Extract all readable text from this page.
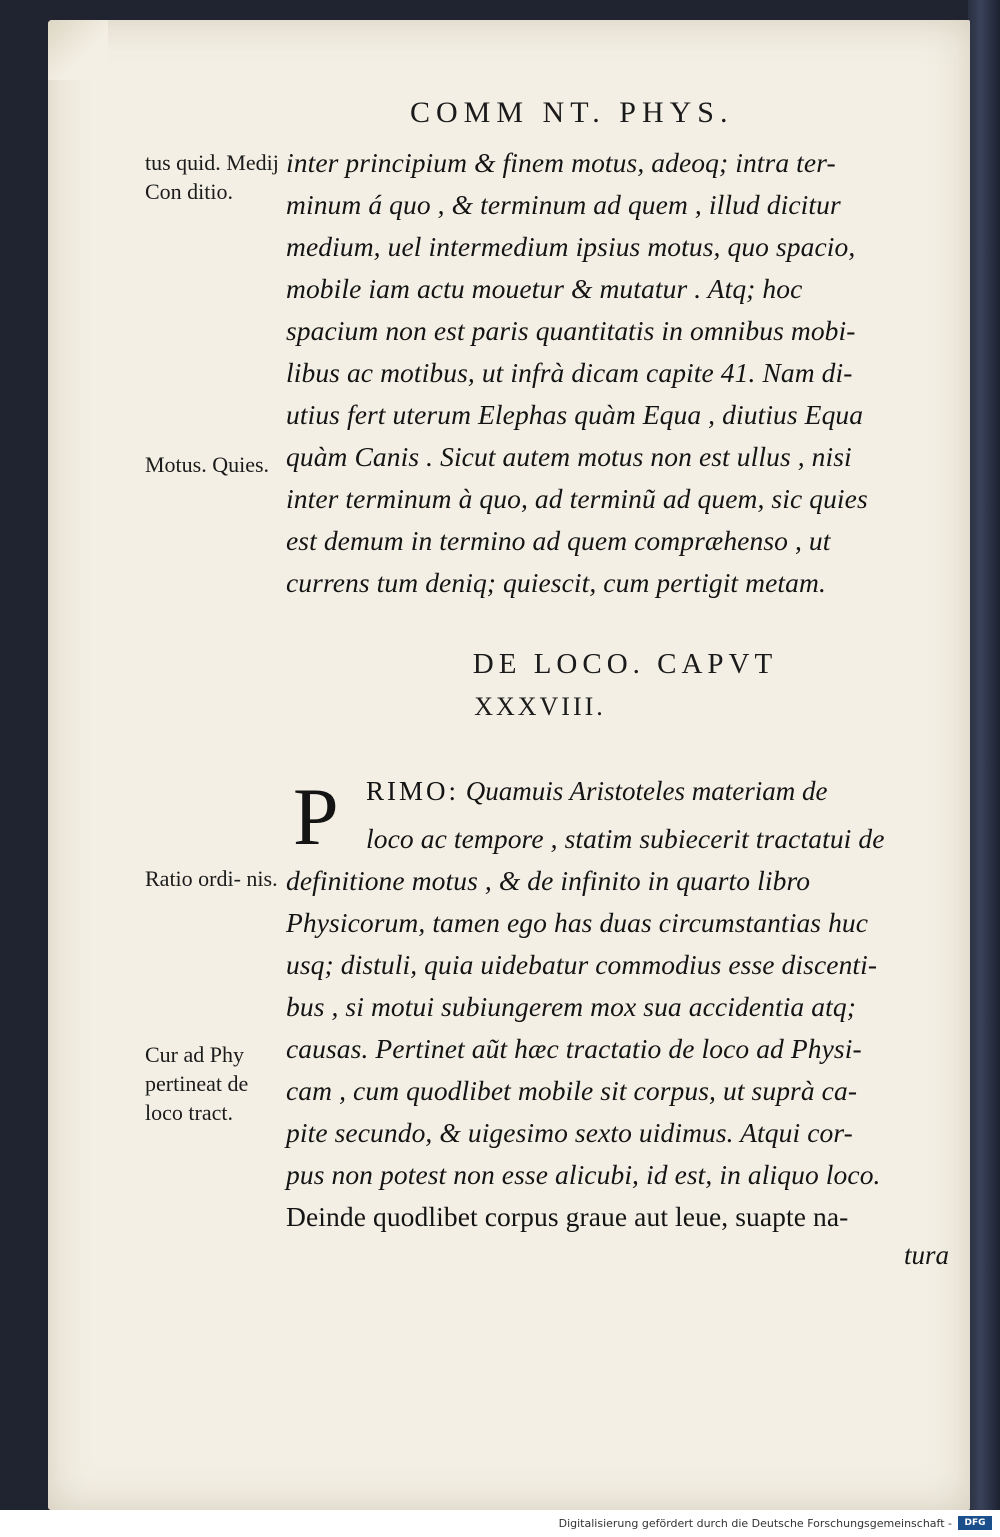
COMM NT. PHYS.
tus quid. Medij Con ditio.
Motus. Quies.
Ratio ordi- nis.
Cur ad Phy pertineat de loco tract.
inter principium & finem motus, adeoq; intra ter-
minum á quo , & terminum ad quem , illud dicitur
medium, uel intermedium ipsius motus, quo spacio,
mobile iam actu mouetur & mutatur . Atq; hoc
spacium non est paris quantitatis in omnibus mobi-
libus ac motibus, ut infrà dicam capite 41. Nam di-
utius fert uterum Elephas quàm Equa , diutius Equa
quàm Canis . Sicut autem motus non est ullus , nisi
inter terminum à quo, ad terminũ ad quem, sic quies
est demum in termino ad quem compræhenso , ut
currens tum deniq; quiescit, cum pertigit metam.
DE LOCO. CAPVT
XXXVIII.
P RIMO: Quamuis Aristoteles materiam de
loco ac tempore , statim subiecerit tractatui de
definitione motus , & de infinito in quarto libro
Physicorum, tamen ego has duas circumstantias huc
usq; distuli, quia uidebatur commodius esse discenti-
bus , si motui subiungerem mox sua accidentia atq;
causas. Pertinet aũt hæc tractatio de loco ad Physi-
cam , cum quodlibet mobile sit corpus, ut suprà ca-
pite secundo, & uigesimo sexto uidimus. Atqui cor-
pus non potest non esse alicubi, id est, in aliquo loco.
Deinde quodlibet corpus graue aut leue, suapte na-
tura
Digitalisierung gefördert durch die Deutsche Forschungsgemeinschaft -	DFG
